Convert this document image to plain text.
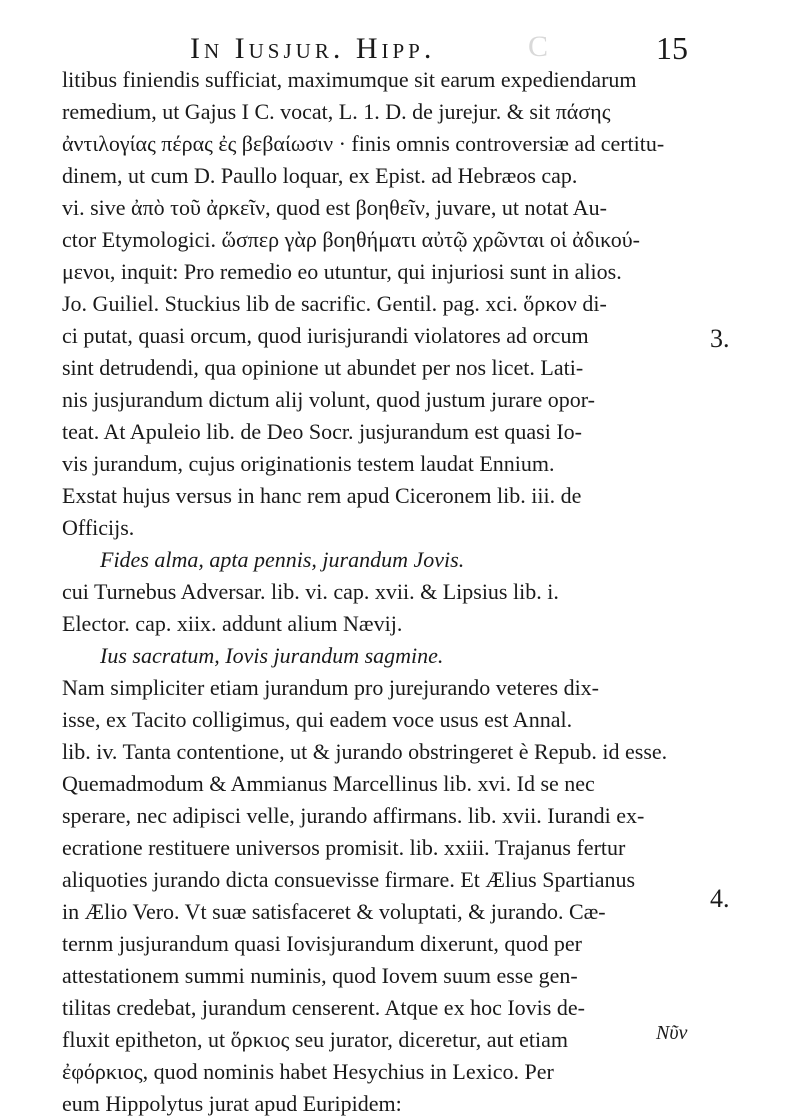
In Iusjur. Hipp.	C	15
litibus finiendis sufficiat, maximumque sit earum expediendarum
remedium, ut Gajus I C. vocat, L. 1. D. de jurejur. & sit πάσης
ἀντιλογίας πέρας ἐς βεβαίωσιν · finis omnis controversiæ ad certitu-
dinem, ut cum D. Paullo loquar, ex Epist. ad Hebræos cap.
vi. sive ἀπὸ τοῦ ἀρκεῖν, quod est βοηθεῖν, juvare, ut notat Au-
ctor Etymologici. ὥσπερ γὰρ βοηθήματι αὐτῷ χρῶνται οἱ ἀδικού-
μενοι, inquit: Pro remedio eo utuntur, qui injuriosi sunt in alios.
Jo. Guiliel. Stuckius lib de sacrific. Gentil. pag. xci. ὅρκον di-
ci putat, quasi orcum, quod iurisjurandi violatores ad orcum
sint detrudendi, qua opinione ut abundet per nos licet. Lati-
nis jusjurandum dictum alij volunt, quod justum jurare opor-
teat. At Apuleio lib. de Deo Socr. jusjurandum est quasi Io-
vis jurandum, cujus originationis testem laudat Ennium.
Exstat hujus versus in hanc rem apud Ciceronem lib. iii. de
Officijs.
Fides alma, apta pennis, jurandum Jovis.
cui Turnebus Adversar. lib. vi. cap. xvii. & Lipsius lib. i.
Elector. cap. xiix. addunt alium Nævij.
Ius sacratum, Iovis jurandum sagmine.
Nam simpliciter etiam jurandum pro jurejurando veteres dix-
isse, ex Tacito colligimus, qui eadem voce usus est Annal.
lib. iv. Tanta contentione, ut & jurando obstringeret è Repub. id esse.
Quemadmodum & Ammianus Marcellinus lib. xvi. Id se nec
sperare, nec adipisci velle, jurando affirmans. lib. xvii. Iurandi ex-
ecratione restituere universos promisit. lib. xxiii. Trajanus fertur
aliquoties jurando dicta consuevisse firmare. Et Ælius Spartianus
in Ælio Vero. Vt suæ satisfaceret & voluptati, & jurando. Cæ-
ternm jusjurandum quasi Iovisjurandum dixerunt, quod per
attestationem summi numinis, quod Iovem suum esse gen-
tilitas credebat, jurandum censerent. Atque ex hoc Iovis de-
fluxit epitheton, ut ὅρκιος seu jurator, diceretur, aut etiam
ἐφόρκιος, quod nominis habet Hesychius in Lexico. Per
eum Hippolytus jurat apud Euripidem:
3.
4.
Νῦν
